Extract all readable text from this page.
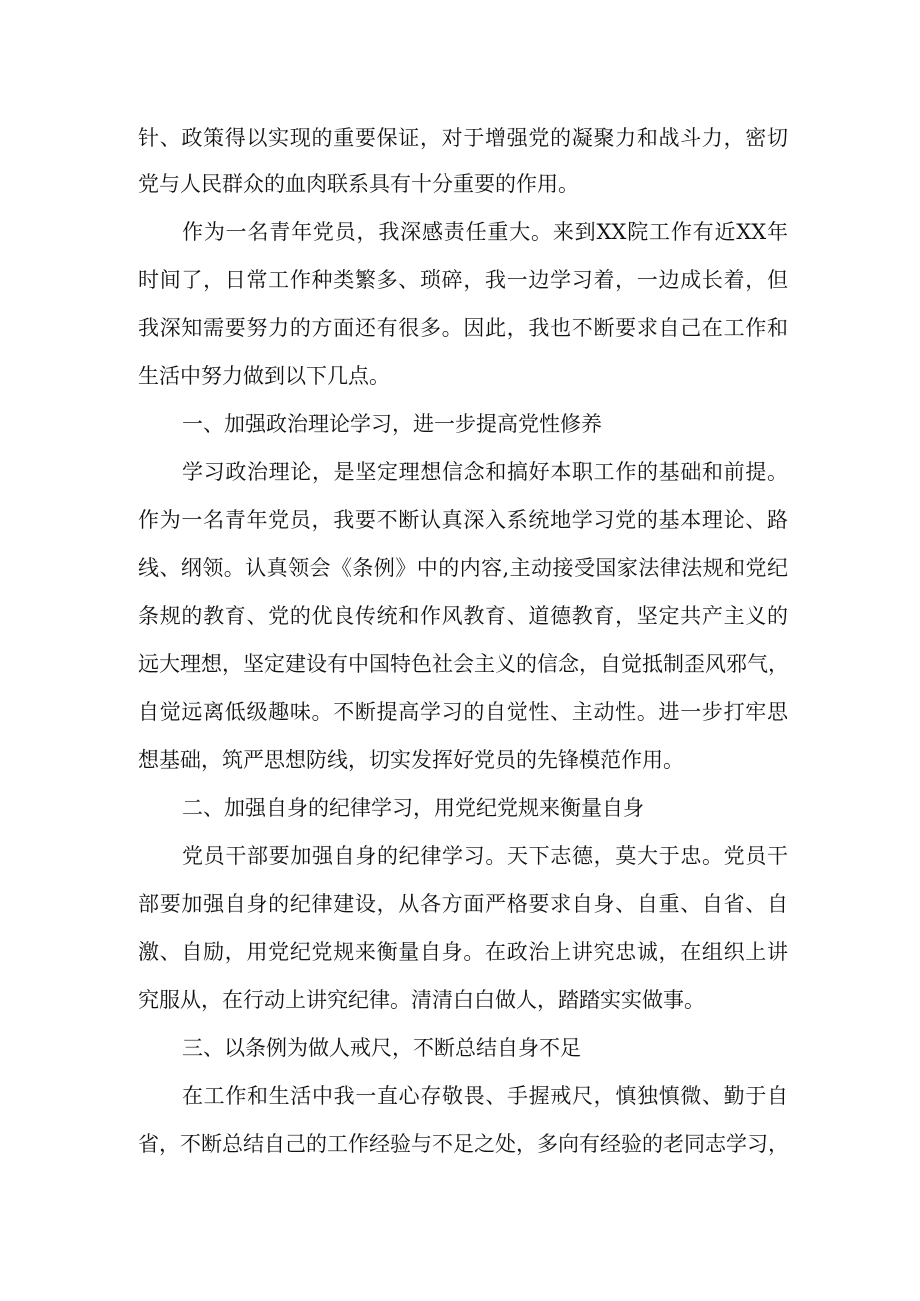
针、政策得以实现的重要保证，对于增强党的凝聚力和战斗力，密切
党与人民群众的血肉联系具有十分重要的作用。
作为一名青年党员，我深感责任重大。来到XX院工作有近XX年
时间了，日常工作种类繁多、琐碎，我一边学习着，一边成长着，但
我深知需要努力的方面还有很多。因此，我也不断要求自己在工作和
生活中努力做到以下几点。
一、加强政治理论学习，进一步提高党性修养
学习政治理论，是坚定理想信念和搞好本职工作的基础和前提。
作为一名青年党员，我要不断认真深入系统地学习党的基本理论、路
线、纲领。认真领会《条例》中的内容,主动接受国家法律法规和党纪
条规的教育、党的优良传统和作风教育、道德教育，坚定共产主义的
远大理想，坚定建设有中国特色社会主义的信念，自觉抵制歪风邪气，
自觉远离低级趣味。不断提高学习的自觉性、主动性。进一步打牢思
想基础，筑严思想防线，切实发挥好党员的先锋模范作用。
二、加强自身的纪律学习，用党纪党规来衡量自身
党员干部要加强自身的纪律学习。天下志德，莫大于忠。党员干
部要加强自身的纪律建设，从各方面严格要求自身、自重、自省、自
激、自励，用党纪党规来衡量自身。在政治上讲究忠诚，在组织上讲
究服从，在行动上讲究纪律。清清白白做人，踏踏实实做事。
三、以条例为做人戒尺，不断总结自身不足
在工作和生活中我一直心存敬畏、手握戒尺，慎独慎微、勤于自
省，不断总结自己的工作经验与不足之处，多向有经验的老同志学习，
